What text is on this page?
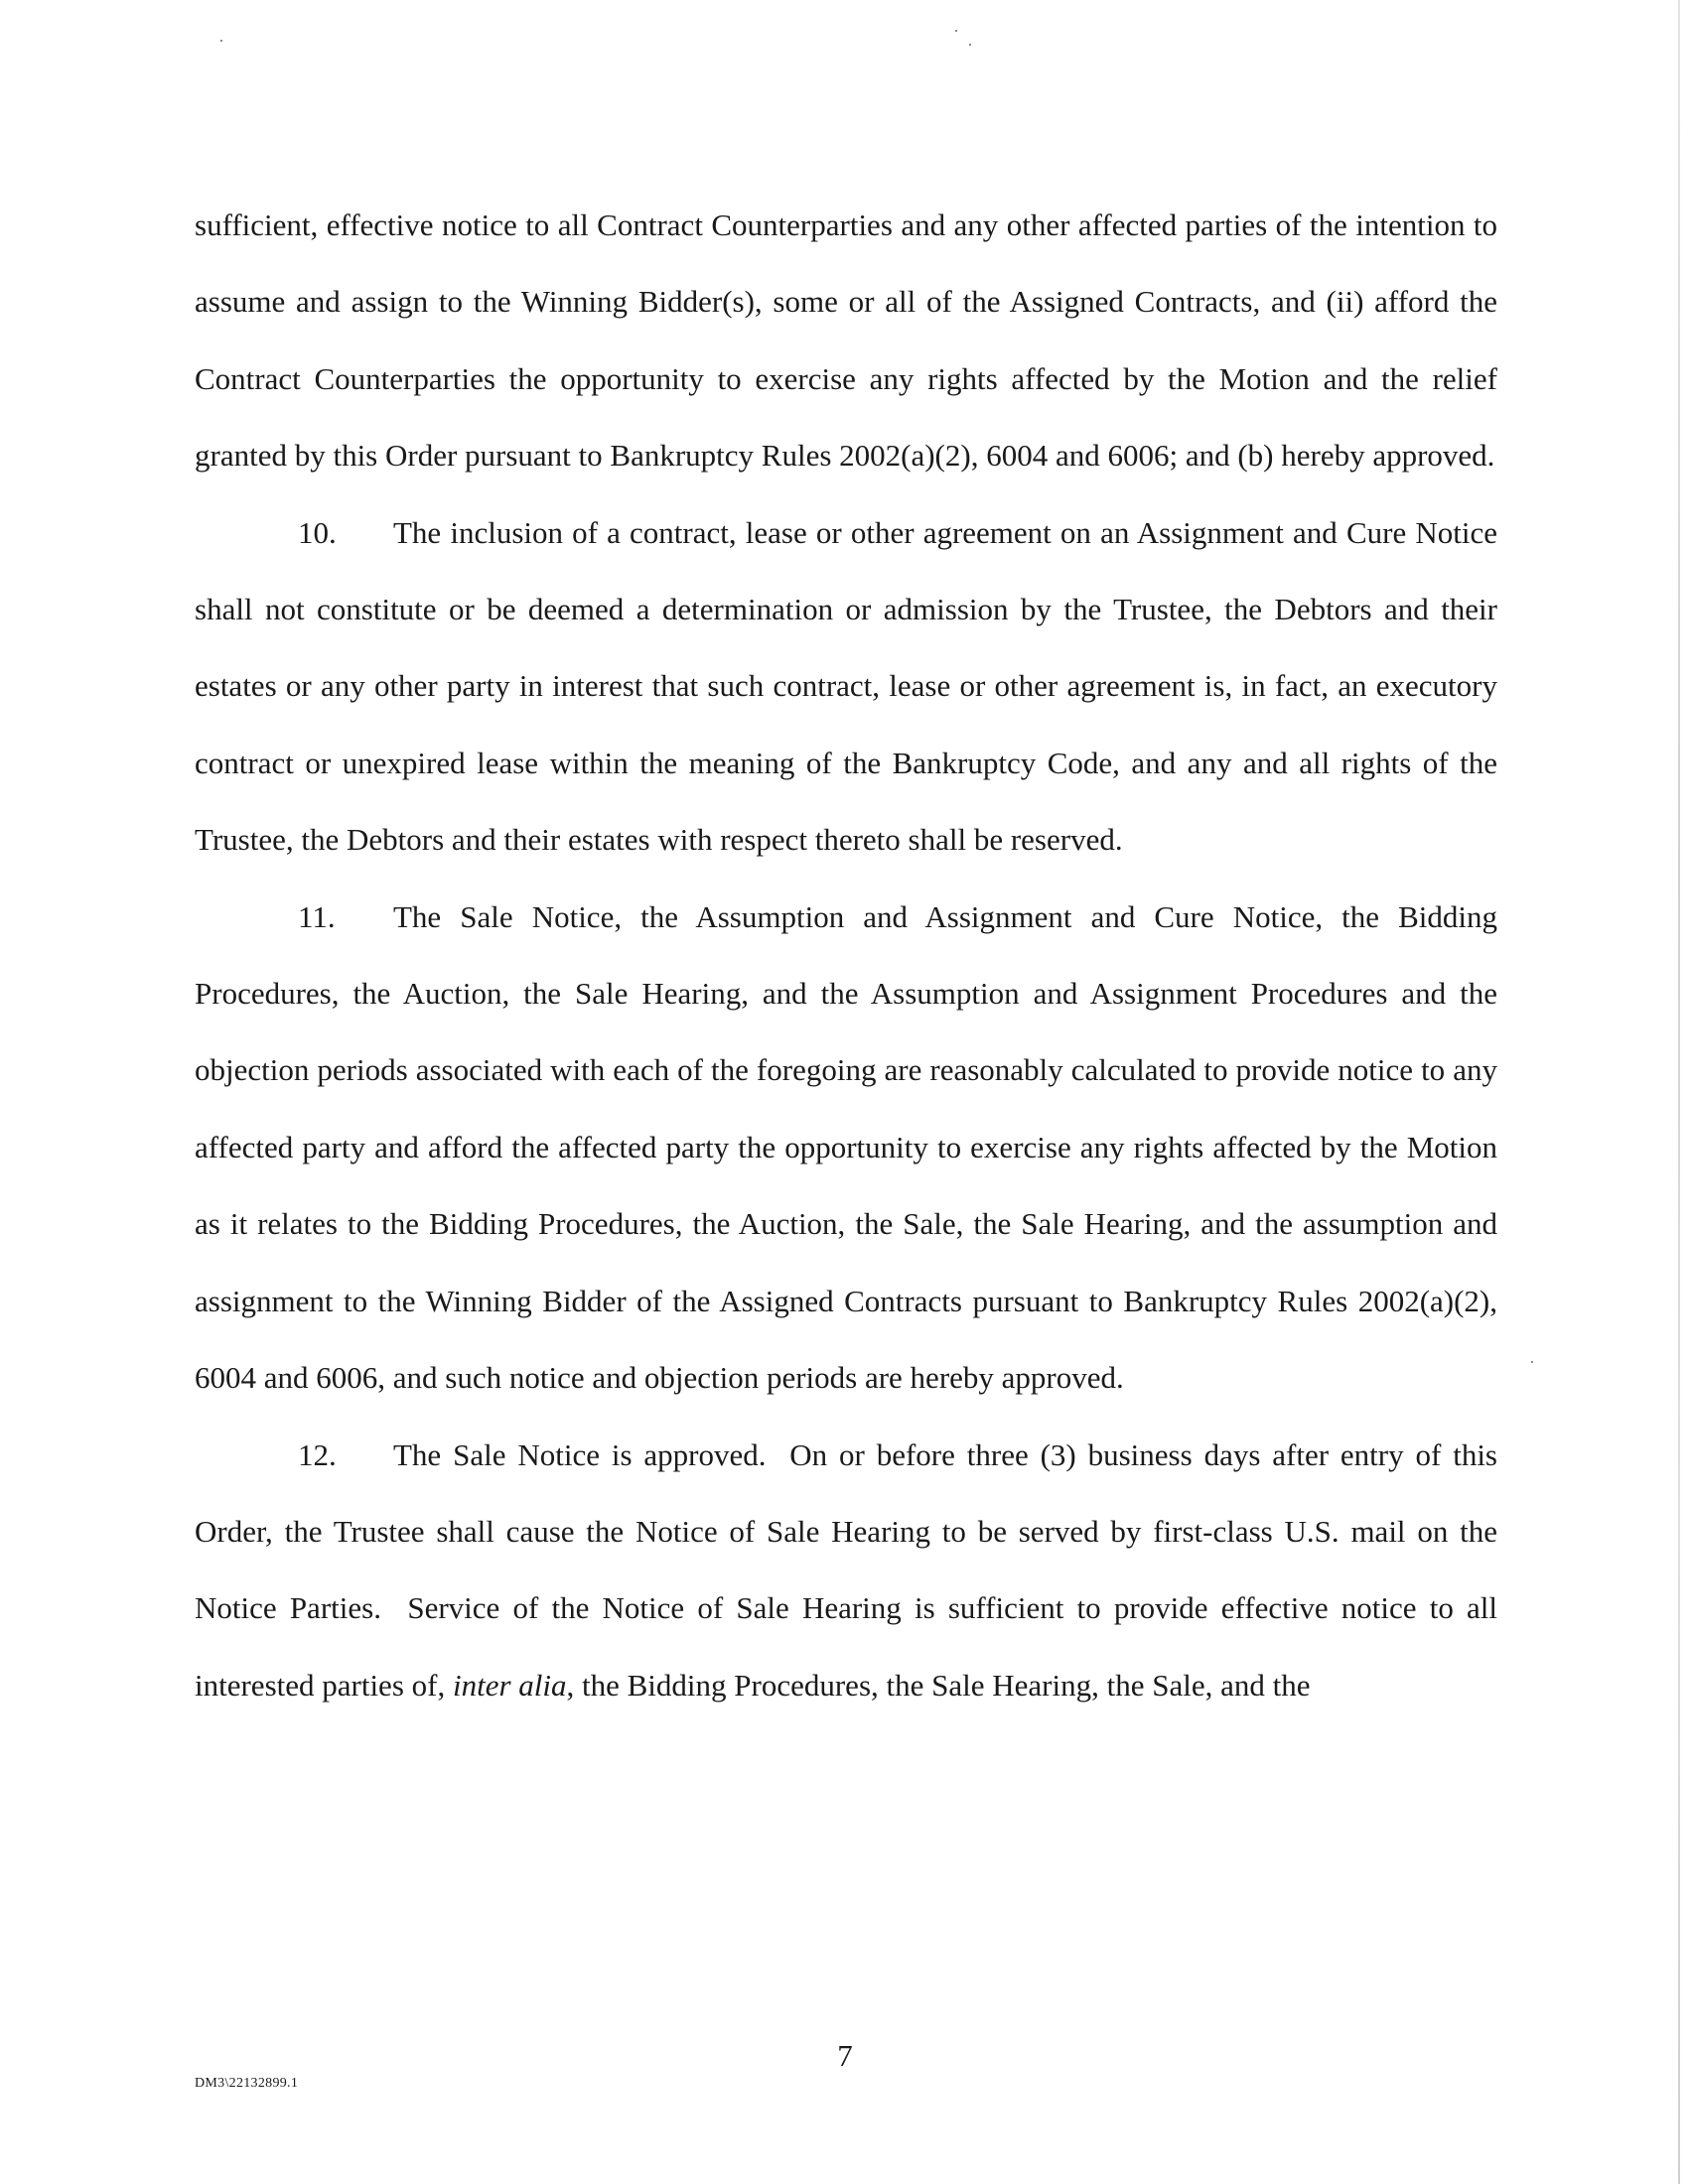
sufficient, effective notice to all Contract Counterparties and any other affected parties of the intention to assume and assign to the Winning Bidder(s), some or all of the Assigned Contracts, and (ii) afford the Contract Counterparties the opportunity to exercise any rights affected by the Motion and the relief granted by this Order pursuant to Bankruptcy Rules 2002(a)(2), 6004 and 6006; and (b) hereby approved.

10. The inclusion of a contract, lease or other agreement on an Assignment and Cure Notice shall not constitute or be deemed a determination or admission by the Trustee, the Debtors and their estates or any other party in interest that such contract, lease or other agreement is, in fact, an executory contract or unexpired lease within the meaning of the Bankruptcy Code, and any and all rights of the Trustee, the Debtors and their estates with respect thereto shall be reserved.

11. The Sale Notice, the Assumption and Assignment and Cure Notice, the Bidding Procedures, the Auction, the Sale Hearing, and the Assumption and Assignment Procedures and the objection periods associated with each of the foregoing are reasonably calculated to provide notice to any affected party and afford the affected party the opportunity to exercise any rights affected by the Motion as it relates to the Bidding Procedures, the Auction, the Sale, the Sale Hearing, and the assumption and assignment to the Winning Bidder of the Assigned Contracts pursuant to Bankruptcy Rules 2002(a)(2), 6004 and 6006, and such notice and objection periods are hereby approved.

12. The Sale Notice is approved.  On or before three (3) business days after entry of this Order, the Trustee shall cause the Notice of Sale Hearing to be served by first-class U.S. mail on the Notice Parties.  Service of the Notice of Sale Hearing is sufficient to provide effective notice to all interested parties of, inter alia, the Bidding Procedures, the Sale Hearing, the Sale, and the

7
DM3\22132899.1
